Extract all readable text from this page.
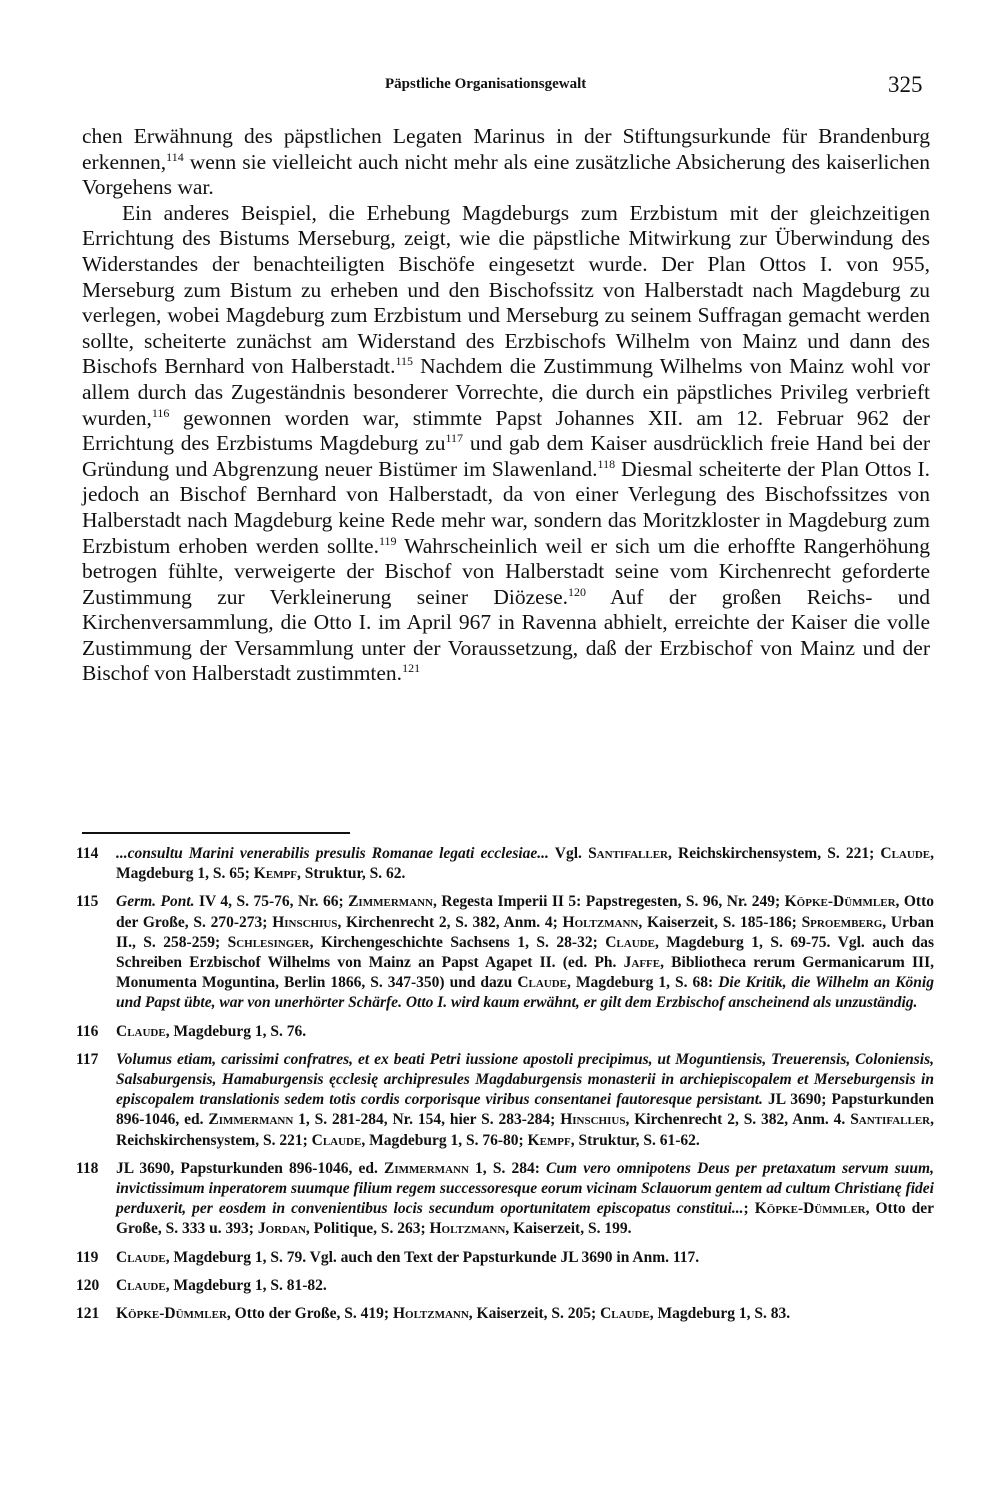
Päpstliche Organisationsgewalt	325

chen Erwähnung des päpstlichen Legaten Marinus in der Stiftungsurkunde für Brandenburg erkennen,$^{114}$ wenn sie vielleicht auch nicht mehr als eine zusätzliche Absicherung des kaiserlichen Vorgehens war.

Ein anderes Beispiel, die Erhebung Magdeburgs zum Erzbistum mit der gleichzeitigen Errichtung des Bistums Merseburg, zeigt, wie die päpstliche Mitwirkung zur Überwindung des Widerstandes der benachteiligten Bischöfe eingesetzt wurde. Der Plan Ottos I. von 955, Merseburg zum Bistum zu erheben und den Bischofssitz von Halberstadt nach Magdeburg zu verlegen, wobei Magdeburg zum Erzbistum und Merseburg zu seinem Suffragan gemacht werden sollte, scheiterte zunächst am Widerstand des Erzbischofs Wilhelm von Mainz und dann des Bischofs Bernhard von Halberstadt.$^{115}$ Nachdem die Zustimmung Wilhelms von Mainz wohl vor allem durch das Zugeständnis besonderer Vorrechte, die durch ein päpstliches Privileg verbrieft wurden,$^{116}$ gewonnen worden war, stimmte Papst Johannes XII. am 12. Februar 962 der Errichtung des Erzbistums Magdeburg $zu^{117}$ und gab dem Kaiser ausdrücklich freie Hand bei der Gründung und Abgrenzung neuer Bistümer im Slawenland.$^{118}$ Diesmal scheiterte der Plan Ottos I. jedoch an Bischof Bernhard von Halberstadt, da von einer Verlegung des Bischofssitzes von Halberstadt nach Magdeburg keine Rede mehr war, sondern das Moritzkloster in Magdeburg zum Erzbistum erhoben werden sollte.$^{119}$ Wahrscheinlich weil er sich um die erhoffte Rangerhöhung betrogen fühlte, verweigerte der Bischof von Halberstadt seine vom Kirchenrecht geforderte Zustimmung zur Verkleinerung seiner Diözese.$^{120}$ Auf der großen Reichs- und Kirchenversammlung, die Otto I. im April 967 in Ravenna abhielt, erreichte der Kaiser die volle Zustimmung der Versammlung unter der Voraussetzung, daß der Erzbischof von Mainz und der Bischof von Halberstadt zustimmten.$^{121}$

114	...consultu Marini venerabilis presulis Romanae legati ecclesiae... Vgl. Santifaller, Reichskirchensystem, S. 221; Claude, Magdeburg 1, S. 65; Kempf, Struktur, S. 62.
115	Germ. Pont. IV 4, S. 75-76, Nr. 66; Zimmermann, Regesta Imperii II 5: Papstregesten, S. 96, Nr. 249; Köpke-Dümmler, Otto der Große, S. 270-273; Hinschius, Kirchenrecht 2, S. 382, Anm. 4; Holtzmann, Kaiserzeit, S. 185-186; Sproemberg, Urban II., S. 258-259; Schlesinger, Kirchengeschichte Sachsens 1, S. 28-32; Claude, Magdeburg 1, S. 69-75. Vgl. auch das Schreiben Erzbischof Wilhelms von Mainz an Papst Agapet II. (ed. Ph. Jaffe, Bibliotheca rerum Germanicarum III, Monumenta Moguntina, Berlin 1866, S. 347-350) und dazu Claude, Magdeburg 1, S. 68: Die Kritik, die Wilhelm an König und Papst übte, war von unerhörter Schärfe. Otto I. wird kaum erwähnt, er gilt dem Erzbischof anscheinend als unzuständig.
116	Claude, Magdeburg 1, S. 76.
117	Volumus etiam, carissimi confratres, et ex beati Petri iussione apostoli precipimus, ut Moguntiensis, Treuerensis, Coloniensis, Salsaburgensis, Hamaburgensis ęcclesię archipresules Magdaburgensis monasterii in archiepiscopalem et Merseburgensis in episcopalem translationis sedem totis cordis corporisque viribus consentanei fautoresque persistant. JL 3690; Papsturkunden 896-1046, ed. Zimmermann 1, S. 281-284, Nr. 154, hier S. 283-284; Hinschius, Kirchenrecht 2, S. 382, Anm. 4. Santifaller, Reichskirchensystem, S. 221; Claude, Magdeburg 1, S. 76-80; Kempf, Struktur, S. 61-62.
118	JL 3690, Papsturkunden 896-1046, ed. Zimmermann 1, S. 284: Cum vero omnipotens Deus per pretaxatum servum suum, invictissimum inperatorem suumque filium regem successoresque eorum vicinam Sclauorum gentem ad cultum Christianę fidei perduxerit, per eosdem in convenientibus locis secundum oportunitatem episcopatus constitui...; Köpke-Dümmler, Otto der Große, S. 333 u. 393; Jordan, Politique, S. 263; Holtzmann, Kaiserzeit, S. 199.
119	Claude, Magdeburg 1, S. 79. Vgl. auch den Text der Papsturkunde JL 3690 in Anm. 117.
120	Claude, Magdeburg 1, S. 81-82.
121	Köpke-Dümmler, Otto der Große, S. 419; Holtzmann, Kaiserzeit, S. 205; Claude, Magdeburg 1, S. 83.
